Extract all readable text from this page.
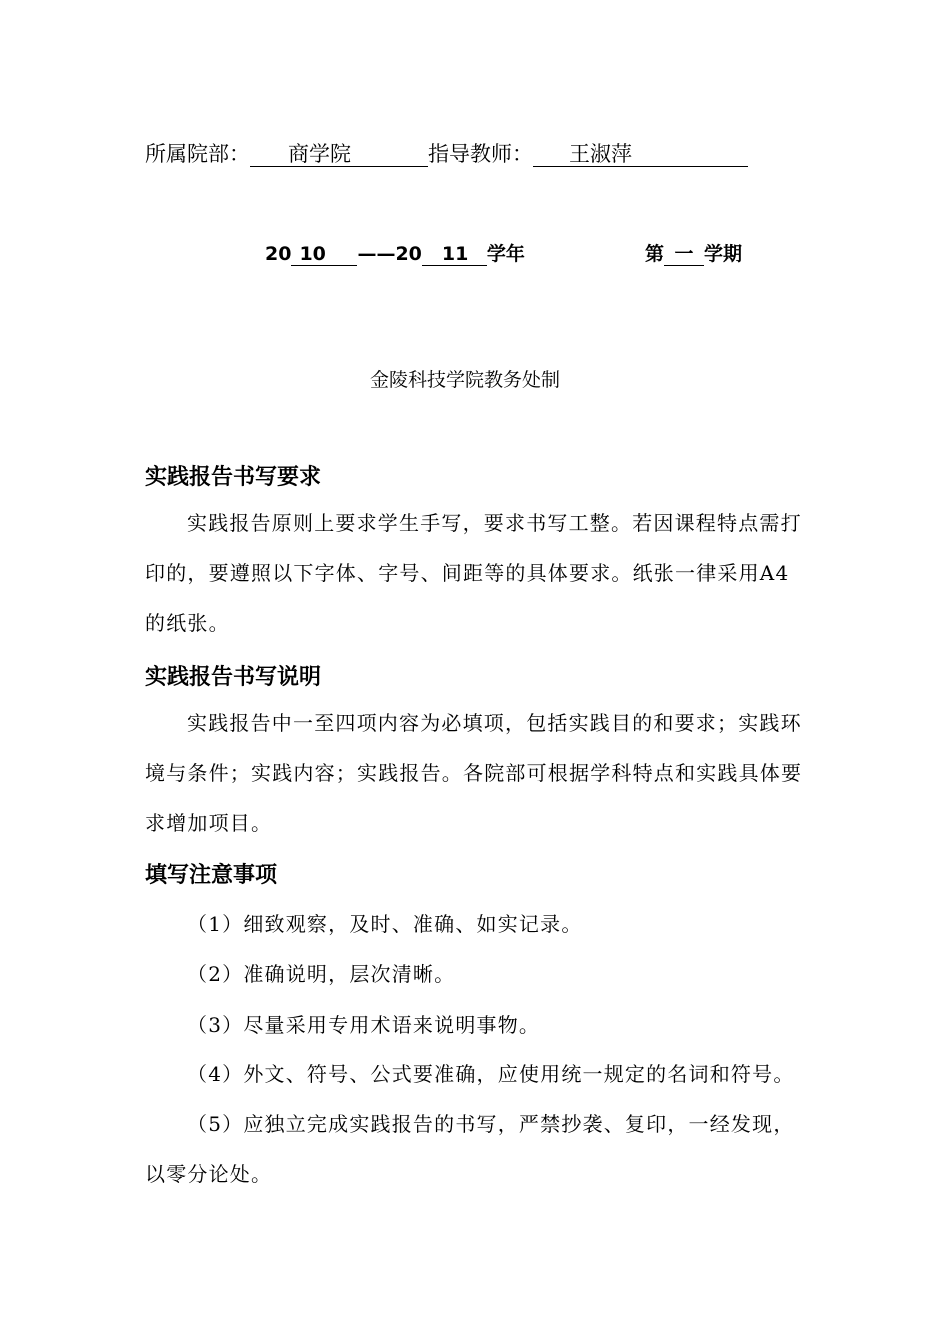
所属院部： 商学院	指导教师： 王淑萍
20 10 ——20 11 学年	第 一 学期
金陵科技学院教务处制
实践报告书写要求
实践报告原则上要求学生手写，要求书写工整。若因课程特点需打印的，要遵照以下字体、字号、间距等的具体要求。纸张一律采用A4的纸张。
实践报告书写说明
实践报告中一至四项内容为必填项，包括实践目的和要求；实践环境与条件；实践内容；实践报告。各院部可根据学科特点和实践具体要求增加项目。
填写注意事项
（1）细致观察，及时、准确、如实记录。
（2）准确说明，层次清晰。
（3）尽量采用专用术语来说明事物。
（4）外文、符号、公式要准确，应使用统一规定的名词和符号。
（5）应独立完成实践报告的书写，严禁抄袭、复印，一经发现，
以零分论处。
